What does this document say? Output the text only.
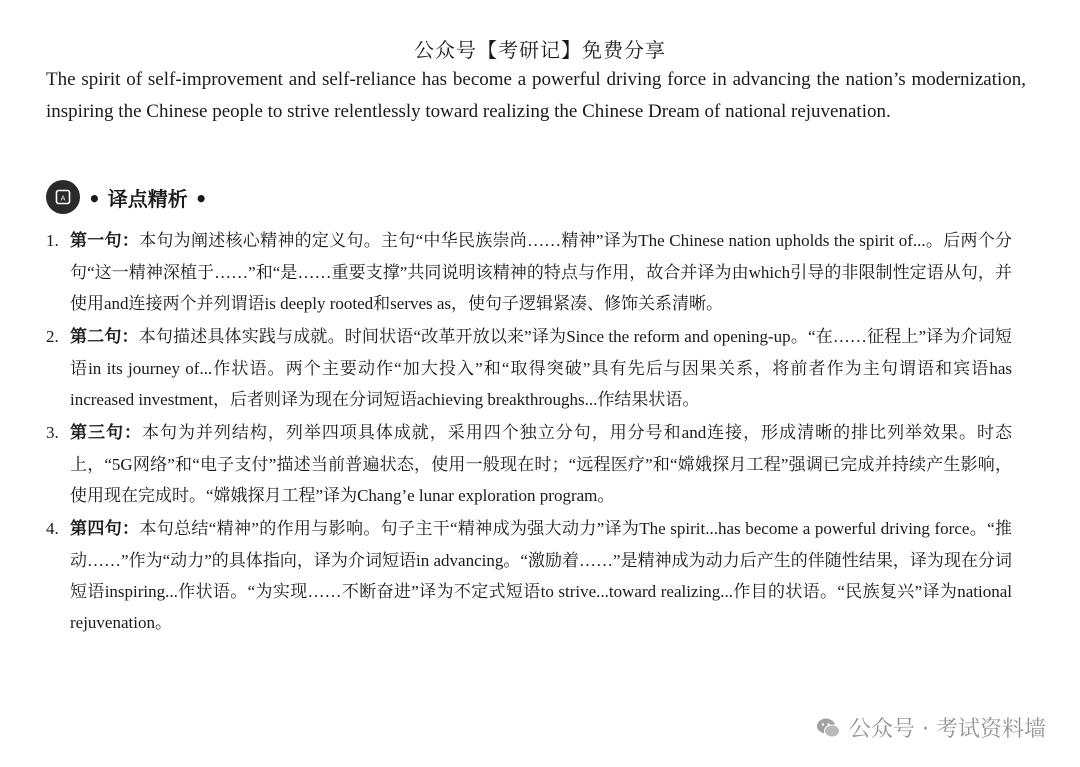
公众号【考研记】免费分享

The spirit of self-improvement and self-reliance has become a powerful driving force in advancing the nation’s modernization, inspiring the Chinese people to strive relentlessly toward realizing the Chinese Dream of national rejuvenation.

A • 译点精析 •
1. 第一句：本句为阐述核心精神的定义句。主句“中华民族崇尚……精神”译为The Chinese nation upholds the spirit of...。后两个分句“这一精神深植于……”和“是……重要支撑”共同说明该精神的特点与作用，故合并译为由which引导的非限制性定语从句，并使用and连接两个并列谓语is deeply rooted和serves as，使句子逻辑紧凑、修饰关系清晰。
2. 第二句：本句描述具体实践与成就。时间状语“改革开放以来”译为Since the reform and opening-up。“在……征程上”译为介词短语in its journey of...作状语。两个主要动作“加大投入”和“取得突破”具有先后与因果关系，将前者作为主句谓语和宾语has increased investment，后者则译为现在分词短语achieving breakthroughs...作结果状语。
3. 第三句：本句为并列结构，列举四项具体成就，采用四个独立分句，用分号和and连接，形成清晰的排比列举效果。时态上，“5G网络”和“电子支付”描述当前普遍状态，使用一般现在时；“远程医疗”和“嫦娥探月工程”强调已完成并持续产生影响，使用现在完成时。“嫦娥探月工程”译为Chang’e lunar exploration program。
4. 第四句：本句总结“精神”的作用与影响。句子主干“精神成为强大动力”译为The spirit...has become a powerful driving force。“推动……”作为“动力”的具体指向，译为介词短语in advancing。“激励着……”是精神成为动力后产生的伴随性结果，译为现在分词短语inspiring...作状语。“为实现……不断奋进”译为不定式短语to strive...toward realizing...作目的状语。“民族复兴”译为national rejuvenation。
公众号 · 考试资料墙
